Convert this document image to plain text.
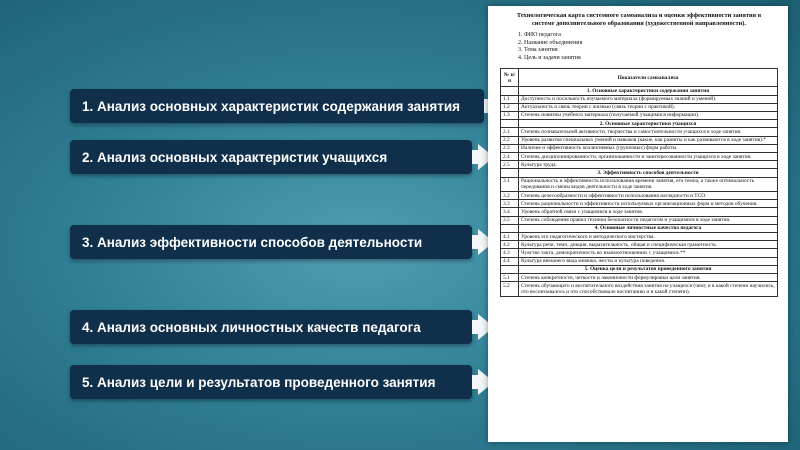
1. Анализ основных характеристик содержания занятия
2. Анализ основных характеристик учащихся
3. Анализ эффективности способов деятельности
4. Анализ основных личностных качеств педагога
5. Анализ цели и результатов проведенного занятия
Технологическая карта системного самоанализа и оценки эффективности занятия в
системе дополнительного образования (художественной направленности).
1. ФИО педагога
2. Название объединения
3. Тема занятия
4. Цель и задачи занятия
№ п/п	Показатели самоанализа
	1. Основные характеристики содержания занятия
1.1	Доступность и посильность изучаемого материала (формируемых знаний и умений).
1.2	Актуальность и связь теории с жизнью (связь теории с практикой).
1.3	Степень новизны учебного материала (получаемой учащимися информации).
	2. Основные характеристики учащихся
2.1	Степень познавательной активности, творчества и самостоятельности учащихся в ходе занятия.
2.2	Уровень развития специальных умений и навыков (какие, как развиты и как развиваются в ходе занятия).*
2.3	Наличие и эффективность коллективных (групповых) форм работы.
2.4	Степень дисциплинированности, организованности и заинтересованности учащихся в ходе занятия.
2.5	Культура труда.
	3. Эффективность способов деятельности
3.1	Рациональность и эффективность использования времени занятия, его темпа, а также оптимальность чередования и смены видов деятельности в ходе занятия.
3.2	Степень целесообразности и эффективности использования наглядности и ТСО.
3.3	Степень рациональности и эффективности используемых организационных форм и методов обучения.
3.4	Уровень обратной связи с учащимися в ходе занятия.
3.5	Степень соблюдения правил техники безопасности педагогом и учащимися в ходе занятия.
	4. Основные личностные качества педагога
4.1	Уровень его педагогического и методического мастерства.
4.2	Культура речи, темп, дикция, выразительность, общая и специфическая грамотность.
4.3	Чувство такта, демократичность во взаимоотношениях с учащимися.**
4.4	Культура внешнего вида мимика, жесты и культура поведения.
	5. Оценка цели и результатов проведенного занятия
5.1	Степень конкретности, четкости и лаконичности формулировки цели занятия.
5.2	Степень обучающего и воспитательного воздействия занятия на учащихся (чему и в какой степени научились, что воспитывалось и что способствовало воспитанию и в какой степени).
